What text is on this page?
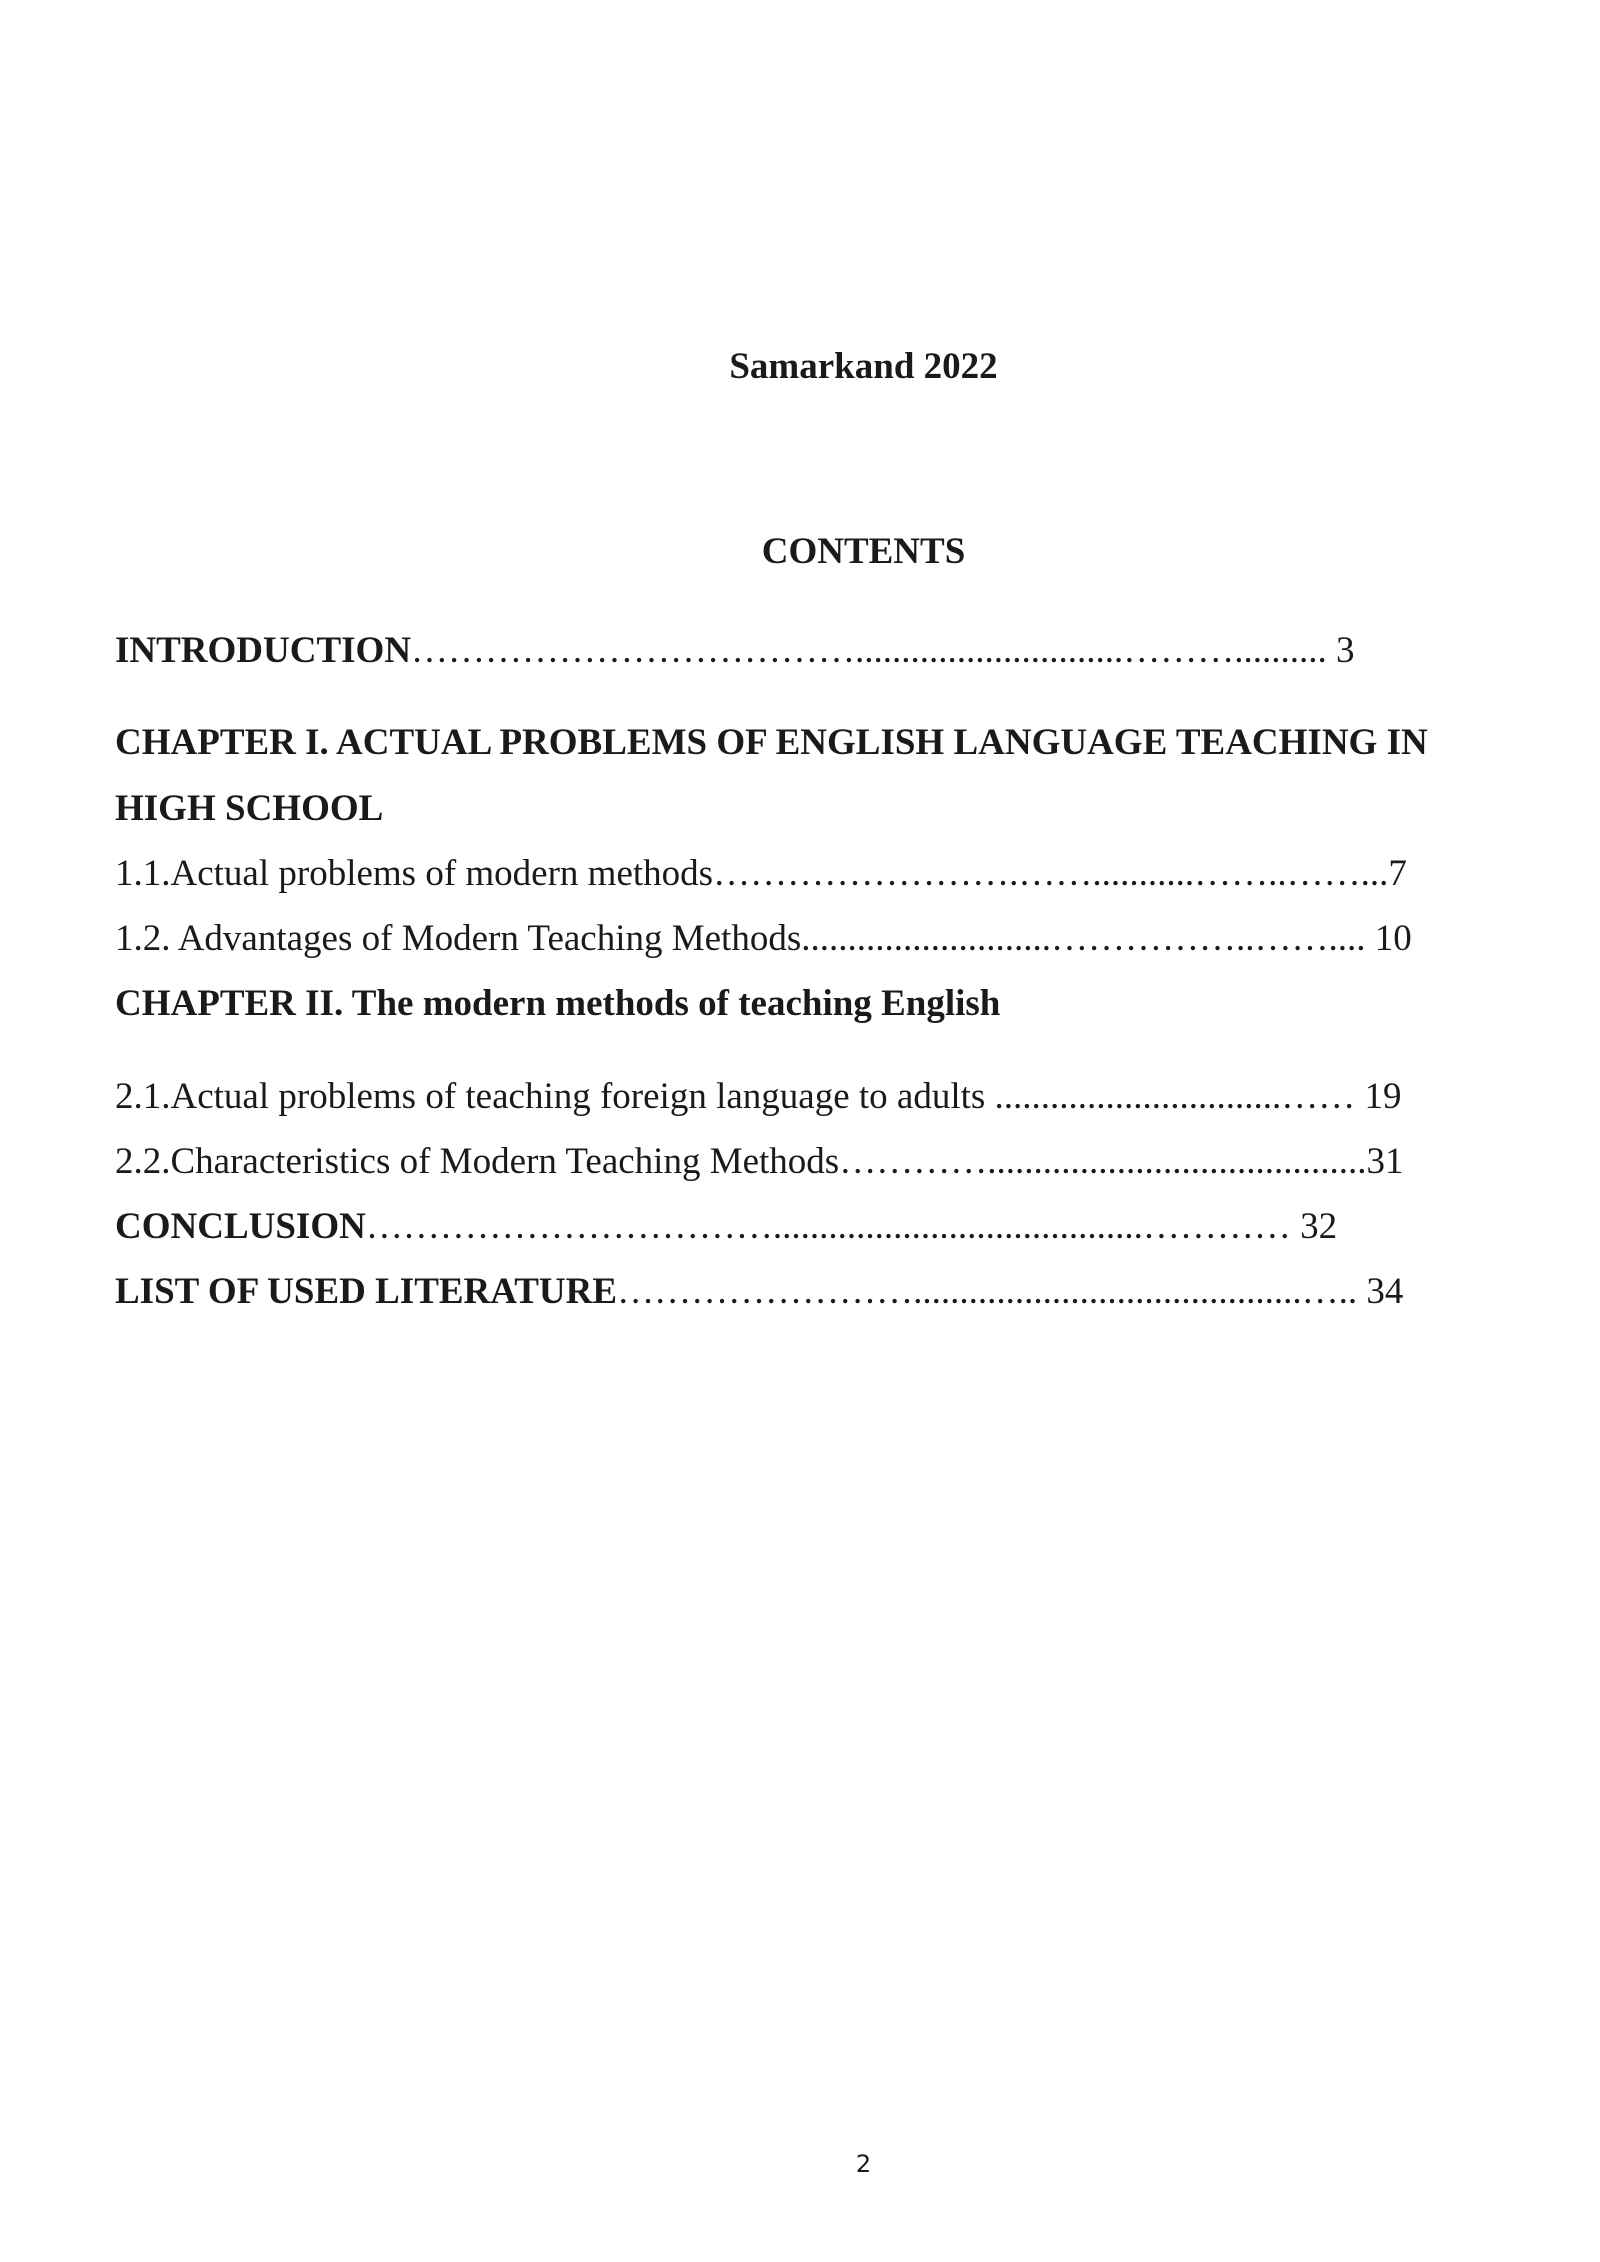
Samarkand 2022
CONTENTS
INTRODUCTION……………………………….............................……….......... 3
CHAPTER I. ACTUAL PROBLEMS OF ENGLISH LANGUAGE TEACHING IN
HIGH SCHOOL
1.1.Actual problems of modern methods…………………….……...........……..……...7
1.2. Advantages of Modern Teaching Methods...........................……………..…….... 10
CHAPTER II. The modern methods of teaching English
2.1.Actual problems of teaching foreign language to adults ...............................…… 19
2.2.Characteristics of Modern Teaching Methods………….........................................31
CONCLUSION……………………………........................................………… 32
LIST OF USED LITERATURE……………………..........................................….. 34
2
